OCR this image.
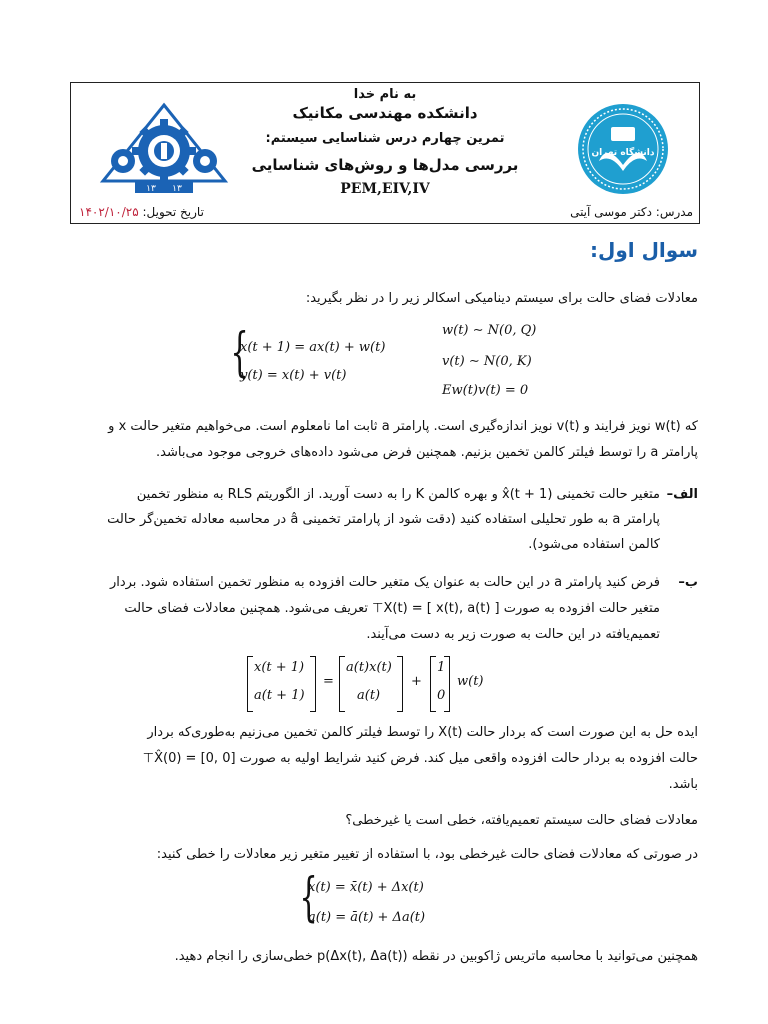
به نام خدا
دانشکده مهندسی مکانیک
تمرین چهارم درس شناسایی سیستم:
بررسی مدل‌ها و روش‌های شناسایی
PEM,EIV,IV
دانشگاه تهران
۱۳ ۱۳
مدرس: دکتر موسی آیتی
تاریخ تحویل: ۱۴۰۲/۱۰/۲۵
سوال اول:
معادلات فضای حالت برای سیستم دینامیکی اسکالر زیر را در نظر بگیرید:
{
x(t + 1) = ax(t) + w(t)
y(t) = x(t) + v(t)
w(t) ∼ N(0, Q)
v(t) ∼ N(0, K)
Ew(t)v(t) = 0
که w(t) نویز فرایند و v(t) نویز اندازه‌گیری است. پارامتر a ثابت اما نامعلوم است. می‌خواهیم متغیر حالت x و
پارامتر a را توسط فیلتر کالمن تخمین بزنیم. همچنین فرض می‌شود داده‌های خروجی موجود می‌باشد.
الف–
متغیر حالت تخمینی x̂(t + 1) و بهره کالمن K را به دست آورید. از الگوریتم RLS به منظور تخمین
پارامتر a به طور تحلیلی استفاده کنید (دقت شود از پارامتر تخمینی â در محاسبه معادله تخمین‌گر حالت
کالمن استفاده می‌شود).
ب–
فرض کنید پارامتر a در این حالت به عنوان یک متغیر حالت افزوده به منظور تخمین استفاده شود. بردار
متغیر حالت افزوده به صورت X(t) = [ x(t), a(t) ]⊤ تعریف می‌شود. همچنین معادلات فضای حالت
تعمیم‌یافته در این حالت به صورت زیر به دست می‌آیند.
x(t + 1)
a(t + 1)
=
a(t)x(t)
a(t)
+
1
0
w(t)
ایده حل به این صورت است که بردار حالت X(t) را توسط فیلتر کالمن تخمین می‌زنیم به‌طوری‌که بردار
حالت افزوده به بردار حالت افزوده واقعی میل کند. فرض کنید شرایط اولیه به صورت X̂(0) = [0, 0]⊤
باشد.
معادلات فضای حالت سیستم تعمیم‌یافته، خطی است یا غیرخطی؟
در صورتی که معادلات فضای حالت غیرخطی بود، با استفاده از تغییر متغیر زیر معادلات را خطی کنید:
{
x(t) = x̄(t) + Δx(t)
a(t) = ā(t) + Δa(t)
همچنین می‌توانید با محاسبه ماتریس ژاکوبین در نقطه p(Δx(t), Δa(t)) خطی‌سازی را انجام دهید.
